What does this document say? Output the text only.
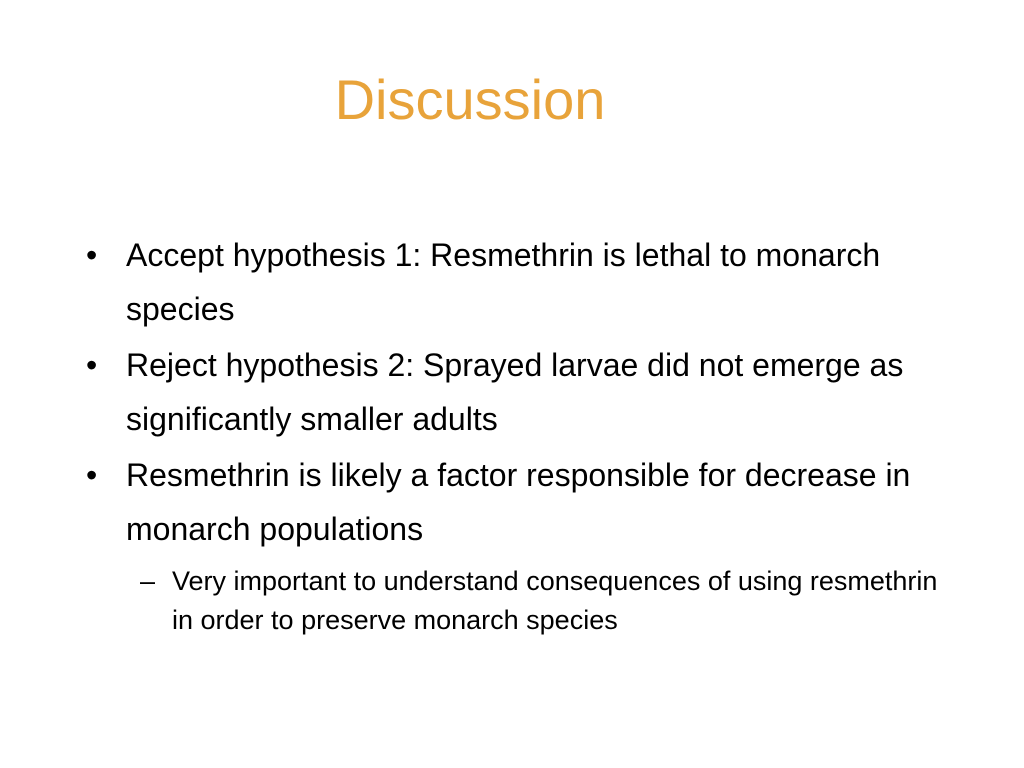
Discussion
• Accept hypothesis 1: Resmethrin is lethal to monarch species
• Reject hypothesis 2: Sprayed larvae did not emerge as significantly smaller adults
• Resmethrin is likely a factor responsible for decrease in monarch populations
– Very important to understand consequences of using resmethrin in order to preserve monarch species
